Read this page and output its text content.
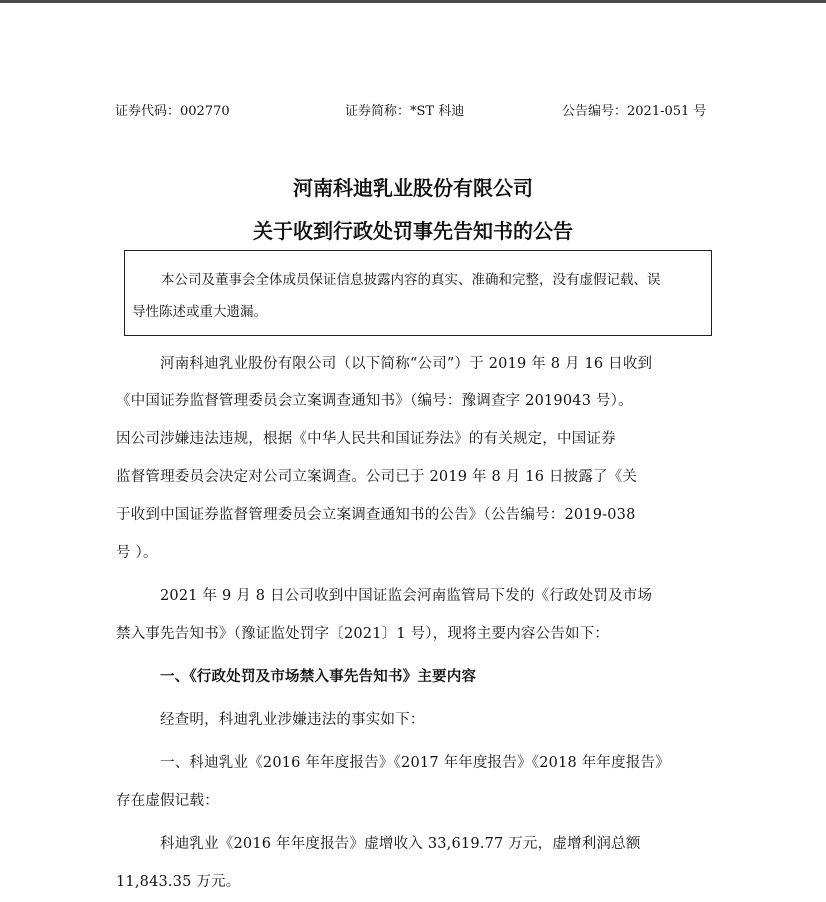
证券代码：002770	证券简称：*ST 科迪	公告编号：2021-051 号
河南科迪乳业股份有限公司
关于收到行政处罚事先告知书的公告
本公司及董事会全体成员保证信息披露内容的真实、准确和完整，没有虚假记载、误
导性陈述或重大遗漏。
河南科迪乳业股份有限公司（以下简称“公司”）于 2019 年 8 月 16 日收到
《中国证券监督管理委员会立案调查通知书》（编号：豫调查字 2019043 号）。
因公司涉嫌违法违规，根据《中华人民共和国证券法》的有关规定，中国证券
监督管理委员会决定对公司立案调查。公司已于 2019 年 8 月 16 日披露了《关
于收到中国证券监督管理委员会立案调查通知书的公告》（公告编号：2019-038
号 ）。
2021 年 9 月 8 日公司收到中国证监会河南监管局下发的《行政处罚及市场
禁入事先告知书》（豫证监处罚字〔2021〕1 号），现将主要内容公告如下：
一、《行政处罚及市场禁入事先告知书》主要内容
经查明，科迪乳业涉嫌违法的事实如下：
一、科迪乳业《2016 年年度报告》《2017 年年度报告》《2018 年年度报告》
存在虚假记载：
科迪乳业《2016 年年度报告》虚增收入 33,619.77 万元，虚增利润总额
11,843.35 万元。
